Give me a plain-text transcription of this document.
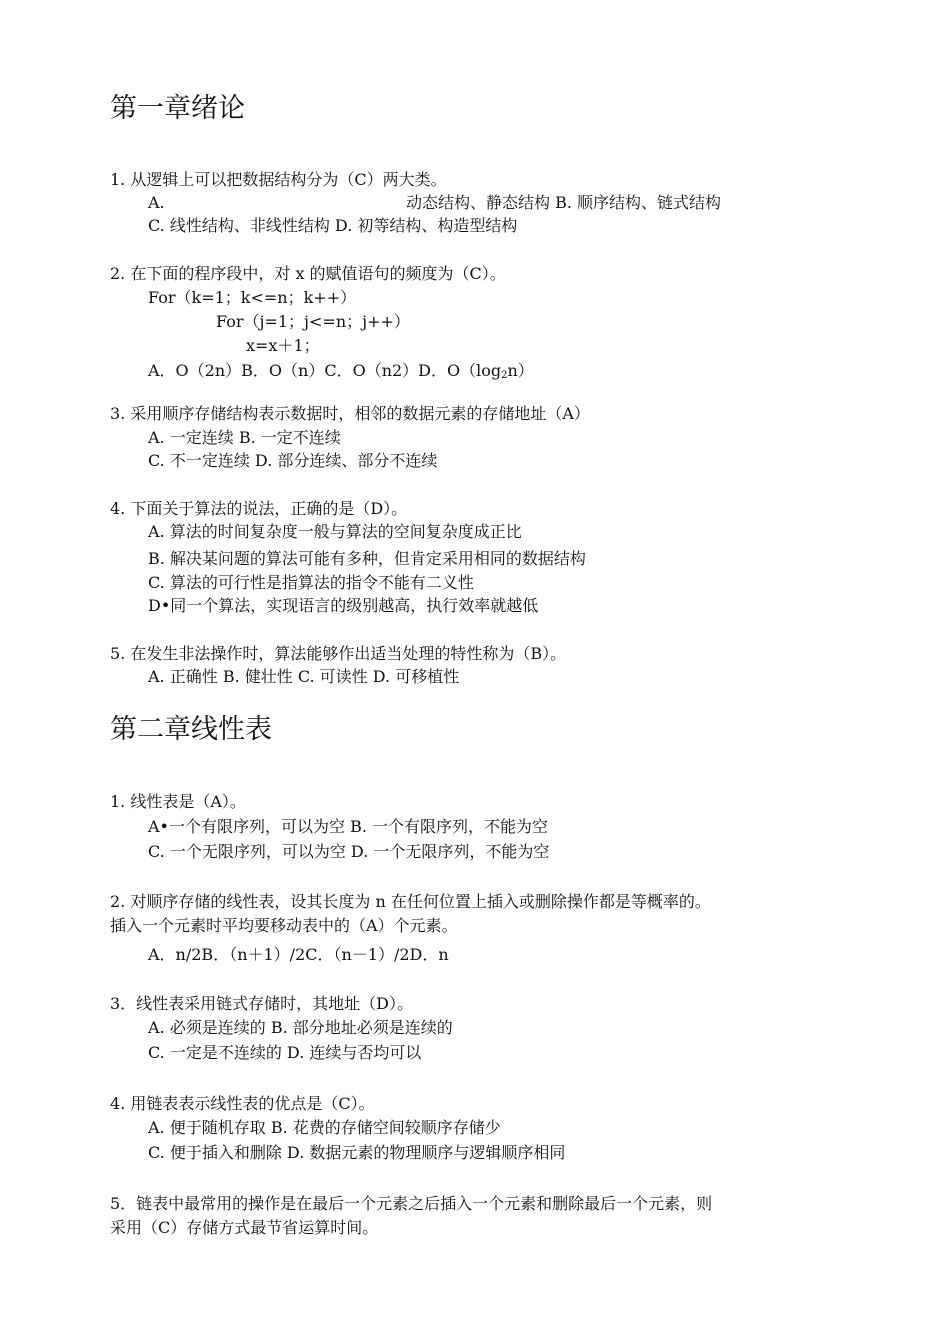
第一章绪论
1. 从逻辑上可以把数据结构分为（C）两大类。
A.	动态结构、静态结构 B. 顺序结构、链式结构
C. 线性结构、非线性结构 D. 初等结构、构造型结构
2. 在下面的程序段中，对 x 的赋值语句的频度为（C）。
For（k=1；k<=n；k++）
For（j=1；j<=n；j++）
x=x＋1；
A．O（2n）B．O（n）C．O（n2）D．$O(\log_2n)$
3. 采用顺序存储结构表示数据时，相邻的数据元素的存储地址（A）
A. 一定连续 B. 一定不连续
C. 不一定连续 D. 部分连续、部分不连续
4. 下面关于算法的说法，正确的是（D）。
A. 算法的时间复杂度一般与算法的空间复杂度成正比
B. 解决某问题的算法可能有多种，但肯定采用相同的数据结构
C. 算法的可行性是指算法的指令不能有二义性
D•同一个算法，实现语言的级别越高，执行效率就越低
5. 在发生非法操作时，算法能够作出适当处理的特性称为（B）。
A. 正确性 B. 健壮性 C. 可读性 D. 可移植性
第二章线性表
1. 线性表是（A）。
A•一个有限序列，可以为空 B. 一个有限序列，不能为空
C. 一个无限序列，可以为空 D. 一个无限序列，不能为空
2. 对顺序存储的线性表，设其长度为 n 在任何位置上插入或删除操作都是等概率的。
插入一个元素时平均要移动表中的（A）个元素。
A．n/2B．（n＋1）/2C．（n－1）/2D．n
3．线性表采用链式存储时，其地址（D）。
A. 必须是连续的 B. 部分地址必须是连续的
C. 一定是不连续的 D. 连续与否均可以
4. 用链表表示线性表的优点是（C）。
A. 便于随机存取 B. 花费的存储空间较顺序存储少
C. 便于插入和删除 D. 数据元素的物理顺序与逻辑顺序相同
5．链表中最常用的操作是在最后一个元素之后插入一个元素和删除最后一个元素，则
采用（C）存储方式最节省运算时间。
